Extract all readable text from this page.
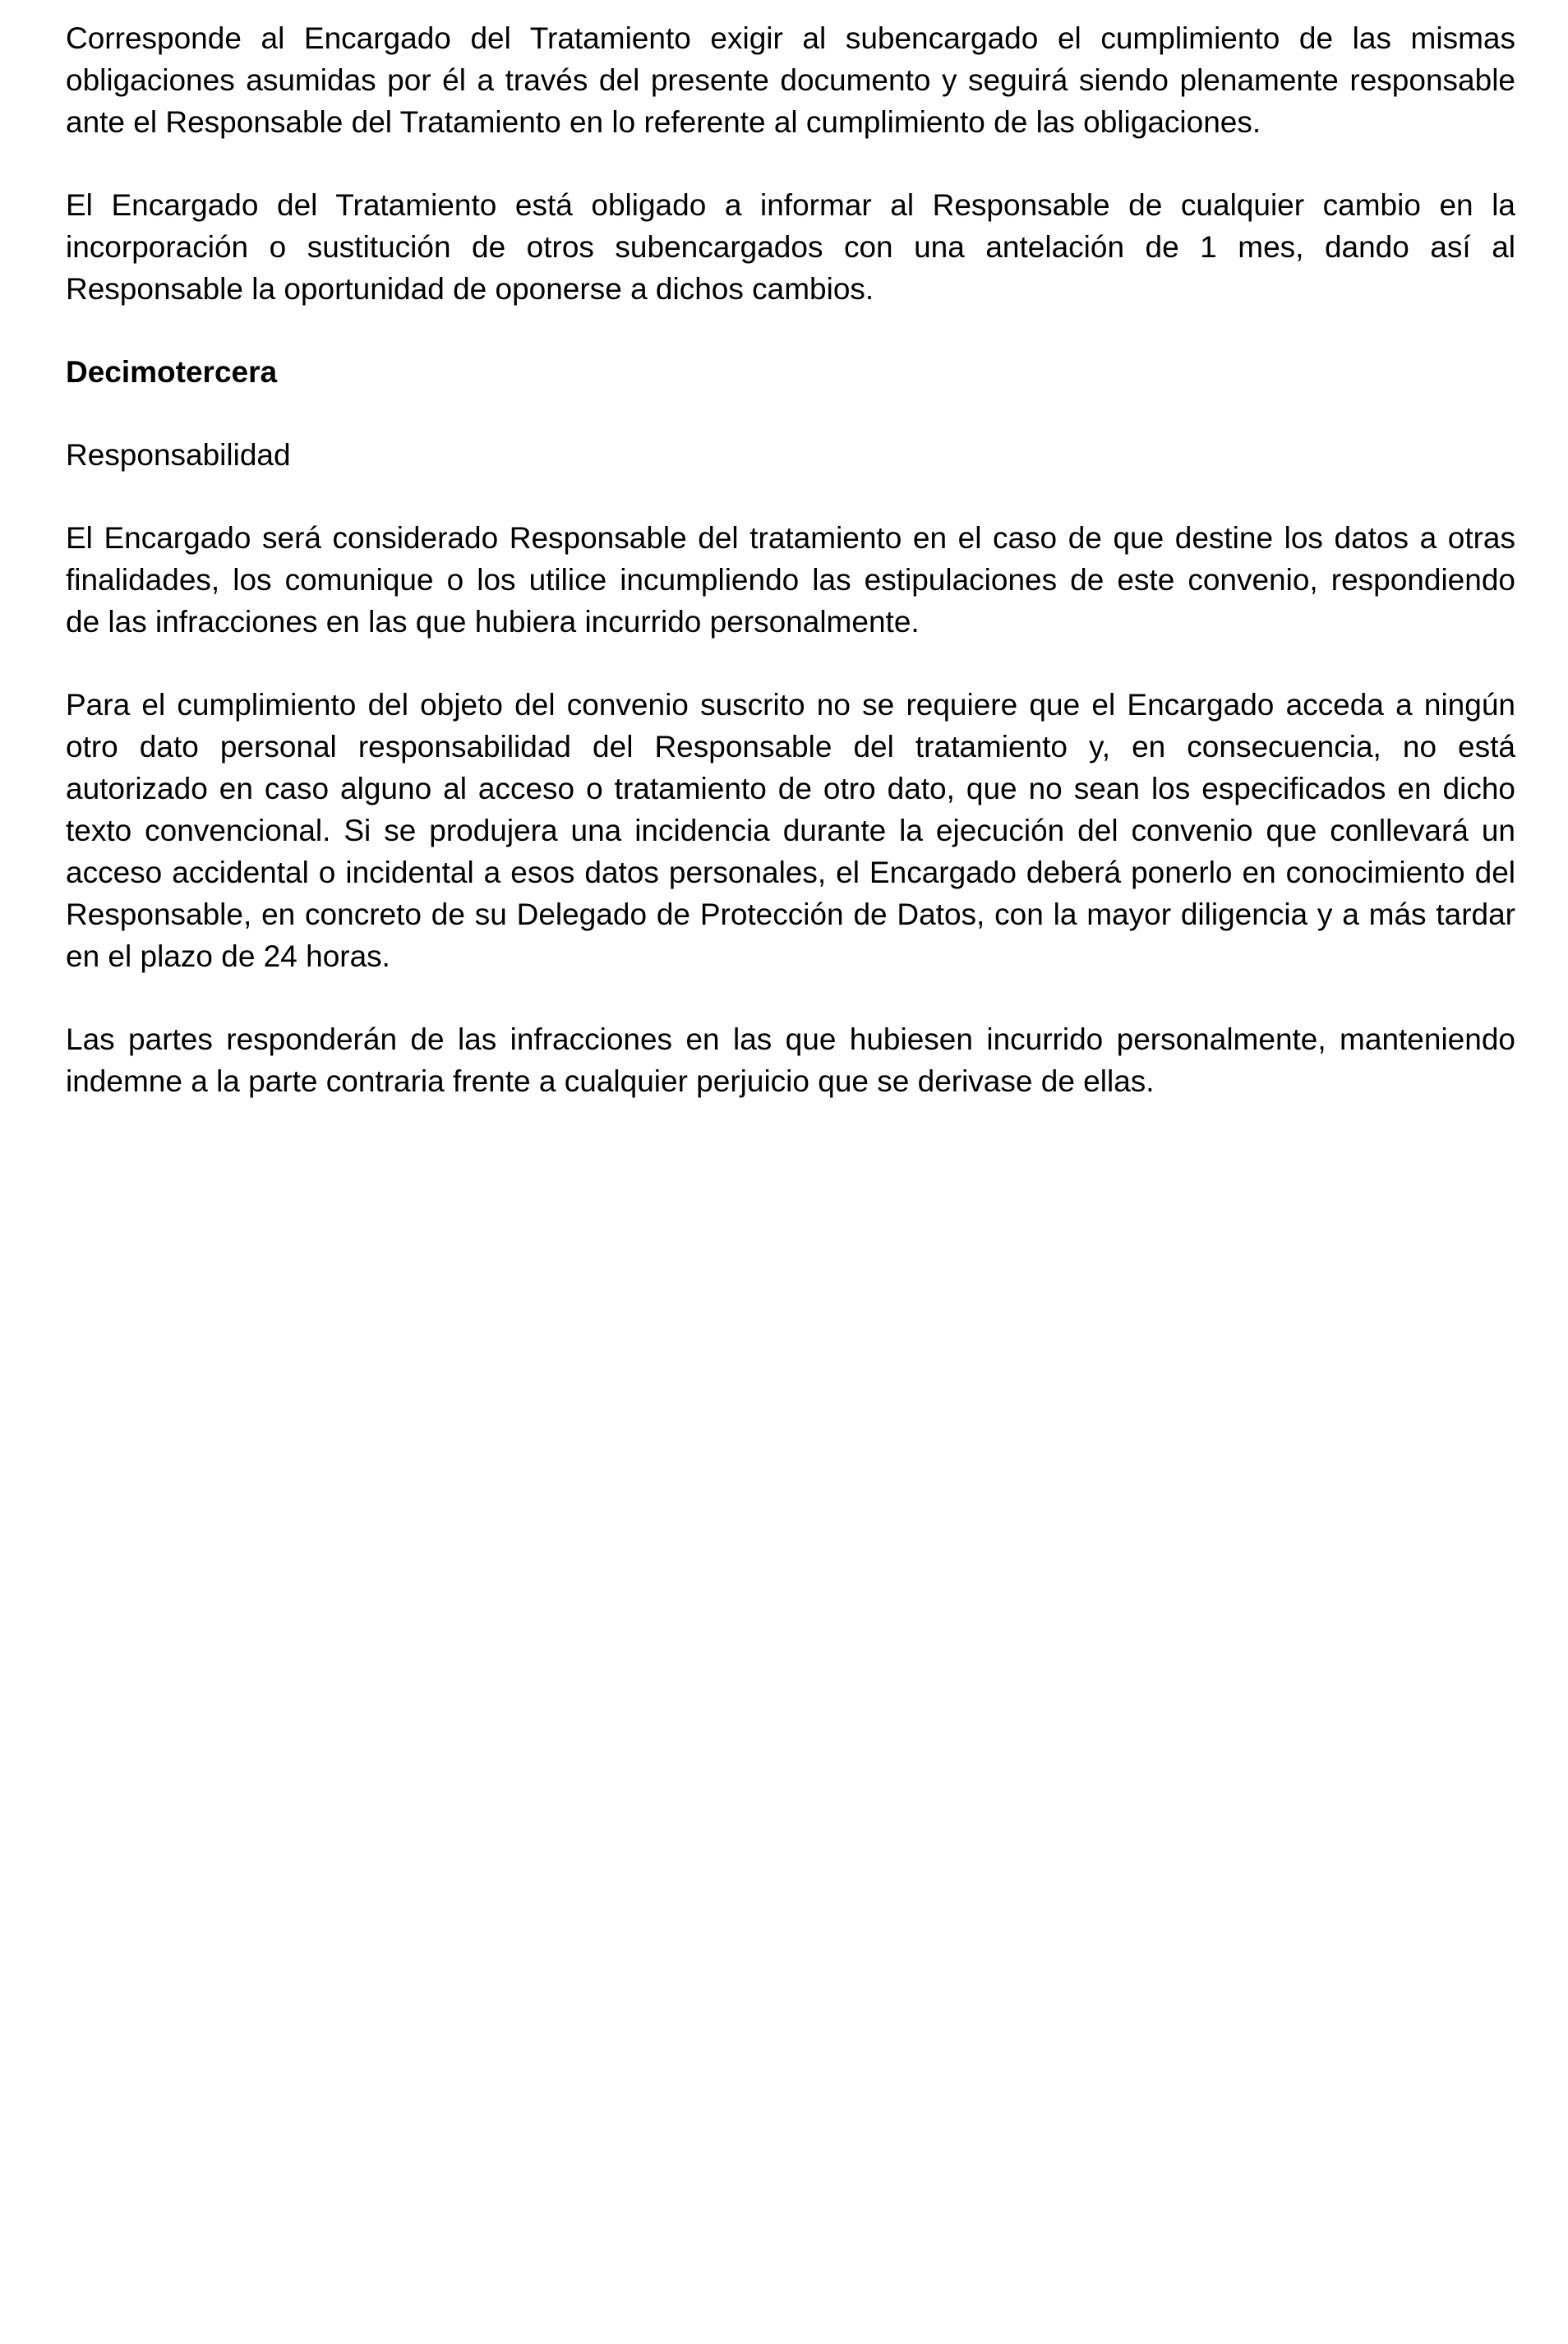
Corresponde al Encargado del Tratamiento exigir al subencargado el cumplimiento de las mismas
obligaciones asumidas por él a través del presente documento y seguirá siendo plenamente responsable
ante el Responsable del Tratamiento en lo referente al cumplimiento de las obligaciones.
El Encargado del Tratamiento está obligado a informar al Responsable de cualquier cambio en la
incorporación o sustitución de otros subencargados con una antelación de 1 mes, dando así al
Responsable la oportunidad de oponerse a dichos cambios.
Decimotercera
Responsabilidad
El Encargado será considerado Responsable del tratamiento en el caso de que destine los datos a otras
finalidades, los comunique o los utilice incumpliendo las estipulaciones de este convenio, respondiendo
de las infracciones en las que hubiera incurrido personalmente.
Para el cumplimiento del objeto del convenio suscrito no se requiere que el Encargado acceda a ningún
otro dato personal responsabilidad del Responsable del tratamiento y, en consecuencia, no está
autorizado en caso alguno al acceso o tratamiento de otro dato, que no sean los especificados en dicho
texto convencional. Si se produjera una incidencia durante la ejecución del convenio que conllevará un
acceso accidental o incidental a esos datos personales, el Encargado deberá ponerlo en conocimiento del
Responsable, en concreto de su Delegado de Protección de Datos, con la mayor diligencia y a más tardar
en el plazo de 24 horas.
Las partes responderán de las infracciones en las que hubiesen incurrido personalmente, manteniendo
indemne a la parte contraria frente a cualquier perjuicio que se derivase de ellas.
